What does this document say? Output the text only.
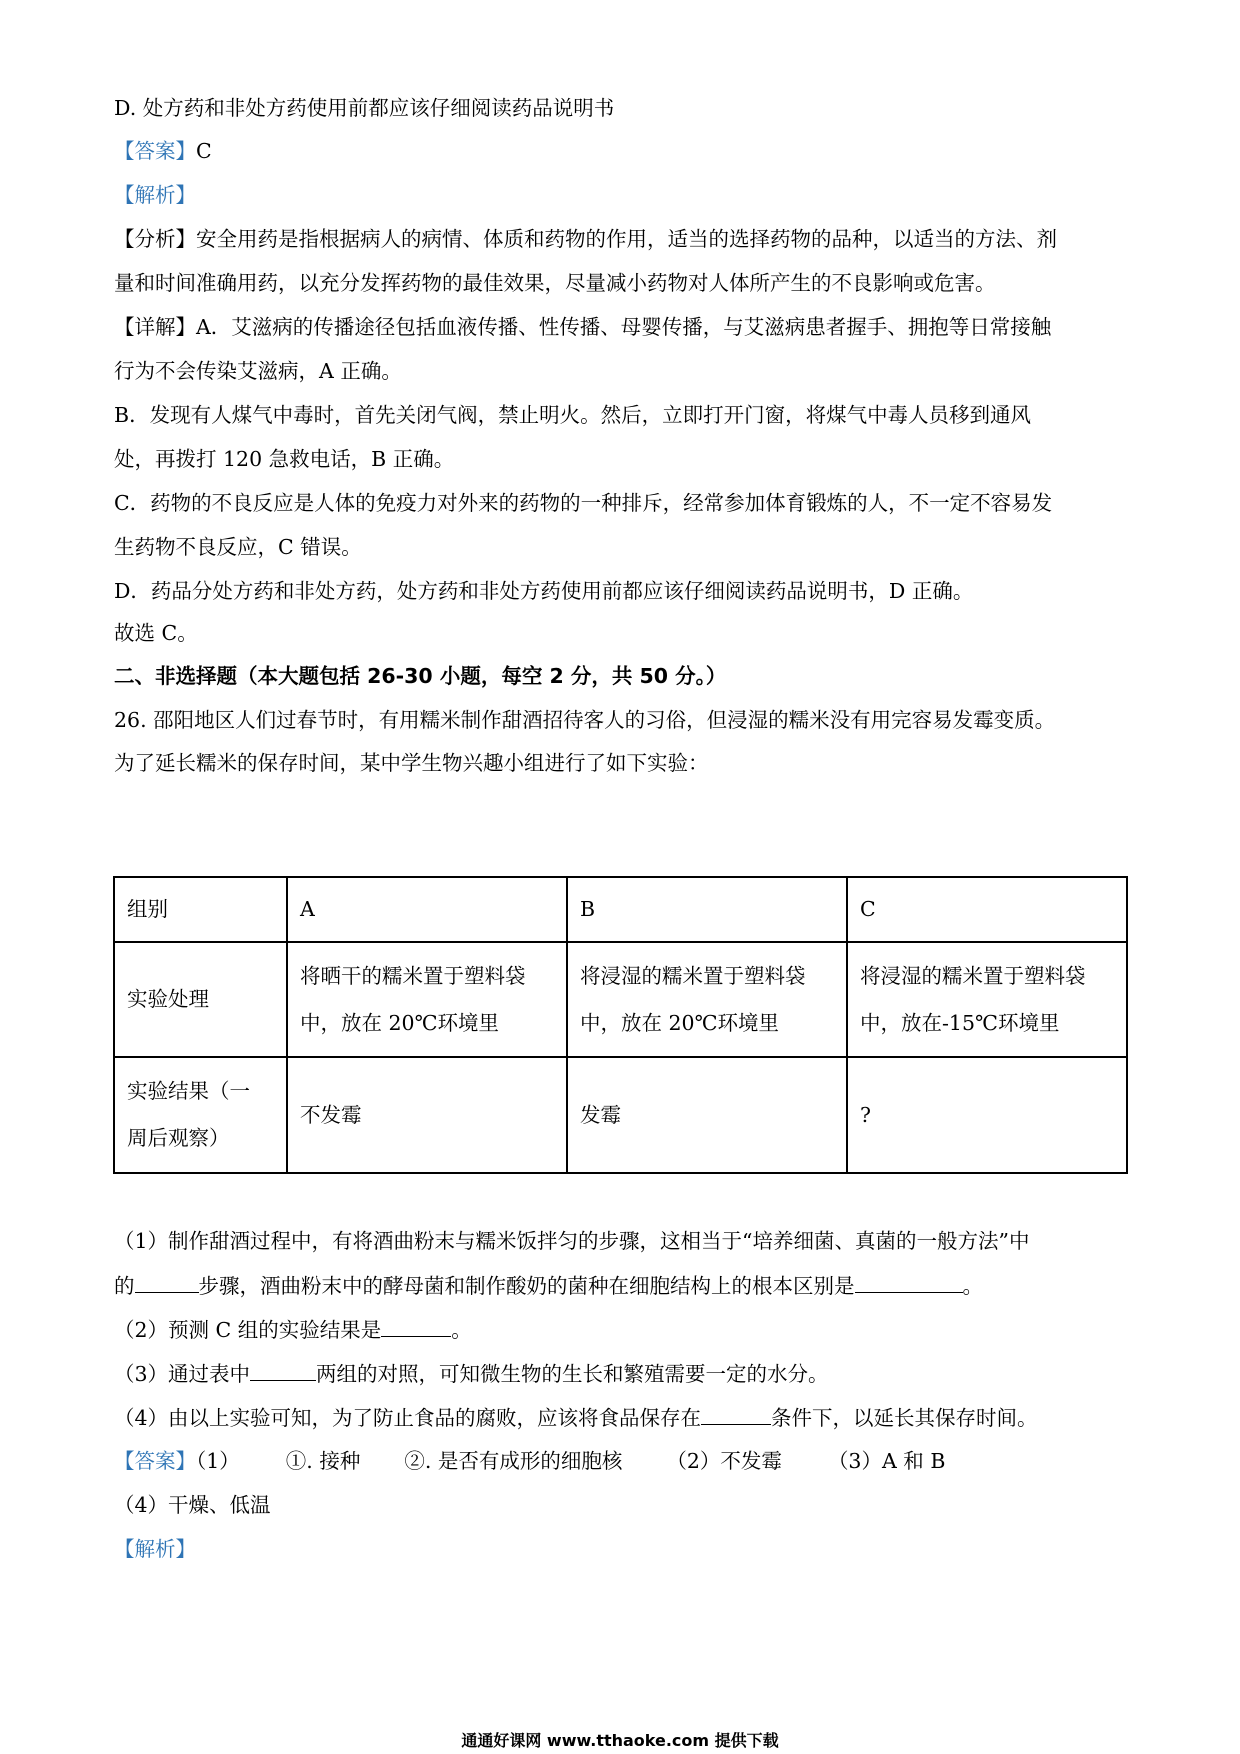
D. 处方药和非处方药使用前都应该仔细阅读药品说明书
【答案】C
【解析】
【分析】安全用药是指根据病人的病情、体质和药物的作用，适当的选择药物的品种，以适当的方法、剂
量和时间准确用药，以充分发挥药物的最佳效果，尽量减小药物对人体所产生的不良影响或危害。
【详解】A．艾滋病的传播途径包括血液传播、性传播、母婴传播，与艾滋病患者握手、拥抱等日常接触
行为不会传染艾滋病，A 正确。
B．发现有人煤气中毒时，首先关闭气阀，禁止明火。然后，立即打开门窗，将煤气中毒人员移到通风
处，再拨打 120 急救电话，B 正确。
C．药物的不良反应是人体的免疫力对外来的药物的一种排斥，经常参加体育锻炼的人，不一定不容易发
生药物不良反应，C 错误。
D．药品分处方药和非处方药，处方药和非处方药使用前都应该仔细阅读药品说明书，D 正确。
故选 C。
二、非选择题（本大题包括 26-30 小题，每空 2 分，共 50 分。）
26. 邵阳地区人们过春节时，有用糯米制作甜酒招待客人的习俗，但浸湿的糯米没有用完容易发霉变质。
为了延长糯米的保存时间，某中学生物兴趣小组进行了如下实验：
组别	A	B	C
实验处理	将晒干的糯米置于塑料袋
中，放在 20℃环境里	将浸湿的糯米置于塑料袋
中，放在 20℃环境里	将浸湿的糯米置于塑料袋
中，放在-15℃环境里
实验结果（一
周后观察）	不发霉	发霉	?
（1）制作甜酒过程中，有将酒曲粉末与糯米饭拌匀的步骤，这相当于“培养细菌、真菌的一般方法”中
的	步骤，酒曲粉末中的酵母菌和制作酸奶的菌种在细胞结构上的根本区别是	。
（2）预测 C 组的实验结果是	。
（3）通过表中	两组的对照，可知微生物的生长和繁殖需要一定的水分。
（4）由以上实验可知，为了防止食品的腐败，应该将食品保存在	条件下，以延长其保存时间。
【答案】（1） ①. 接种 ②. 是否有成形的细胞核 （2）不发霉 （3）A 和 B
（4）干燥、低温
【解析】
通通好课网 www.tthaoke.com 提供下载
